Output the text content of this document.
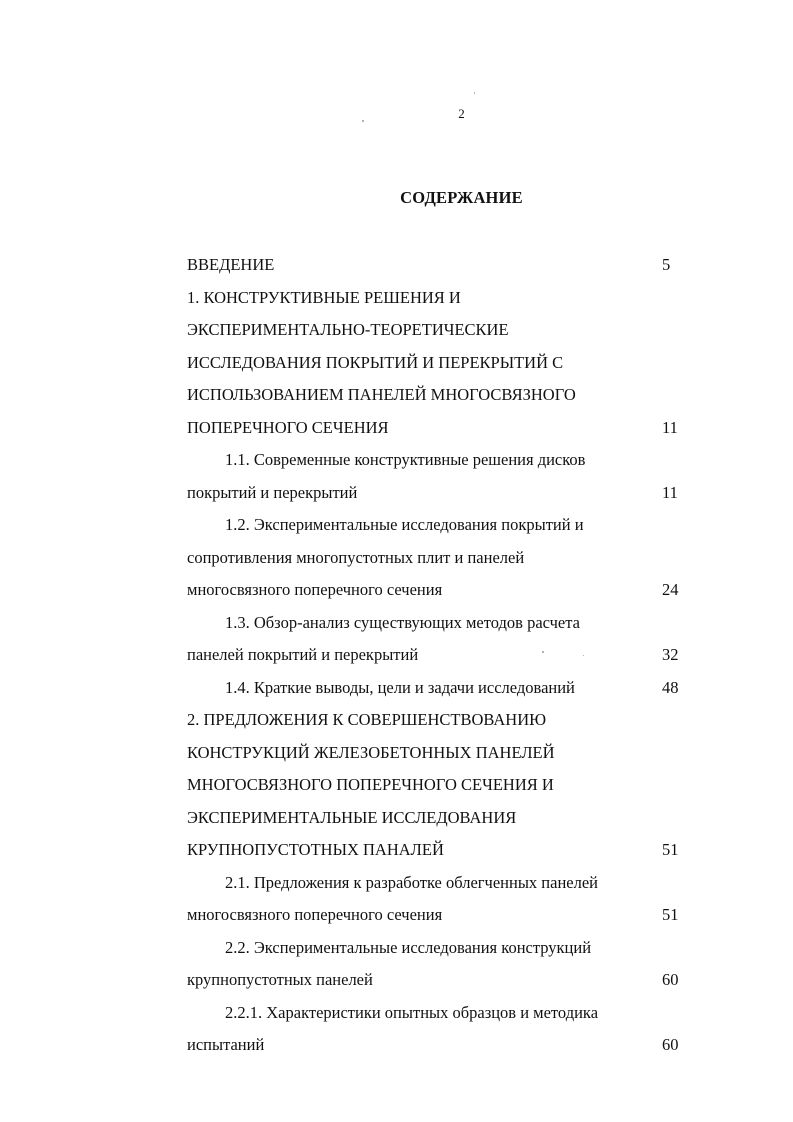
2
СОДЕРЖАНИЕ
ВВЕДЕНИЕ	5
1. КОНСТРУКТИВНЫЕ РЕШЕНИЯ И
ЭКСПЕРИМЕНТАЛЬНО-ТЕОРЕТИЧЕСКИЕ
ИССЛЕДОВАНИЯ ПОКРЫТИЙ И ПЕРЕКРЫТИЙ С
ИСПОЛЬЗОВАНИЕМ ПАНЕЛЕЙ МНОГОСВЯЗНОГО
ПОПЕРЕЧНОГО СЕЧЕНИЯ	11
1.1. Современные конструктивные решения дисков
покрытий и перекрытий	11
1.2. Экспериментальные исследования покрытий и
сопротивления многопустотных плит и панелей
многосвязного поперечного сечения	24
1.3. Обзор-анализ существующих методов расчета
панелей покрытий и перекрытий	32
1.4. Краткие выводы, цели и задачи исследований	48
2. ПРЕДЛОЖЕНИЯ К СОВЕРШЕНСТВОВАНИЮ
КОНСТРУКЦИЙ ЖЕЛЕЗОБЕТОННЫХ ПАНЕЛЕЙ
МНОГОСВЯЗНОГО ПОПЕРЕЧНОГО СЕЧЕНИЯ И
ЭКСПЕРИМЕНТАЛЬНЫЕ ИССЛЕДОВАНИЯ
КРУПНОПУСТОТНЫХ ПАНАЛЕЙ	51
2.1. Предложения к разработке облегченных панелей
многосвязного поперечного сечения	51
2.2. Экспериментальные исследования конструкций
крупнопустотных панелей	60
2.2.1. Характеристики опытных образцов и методика
испытаний	60
